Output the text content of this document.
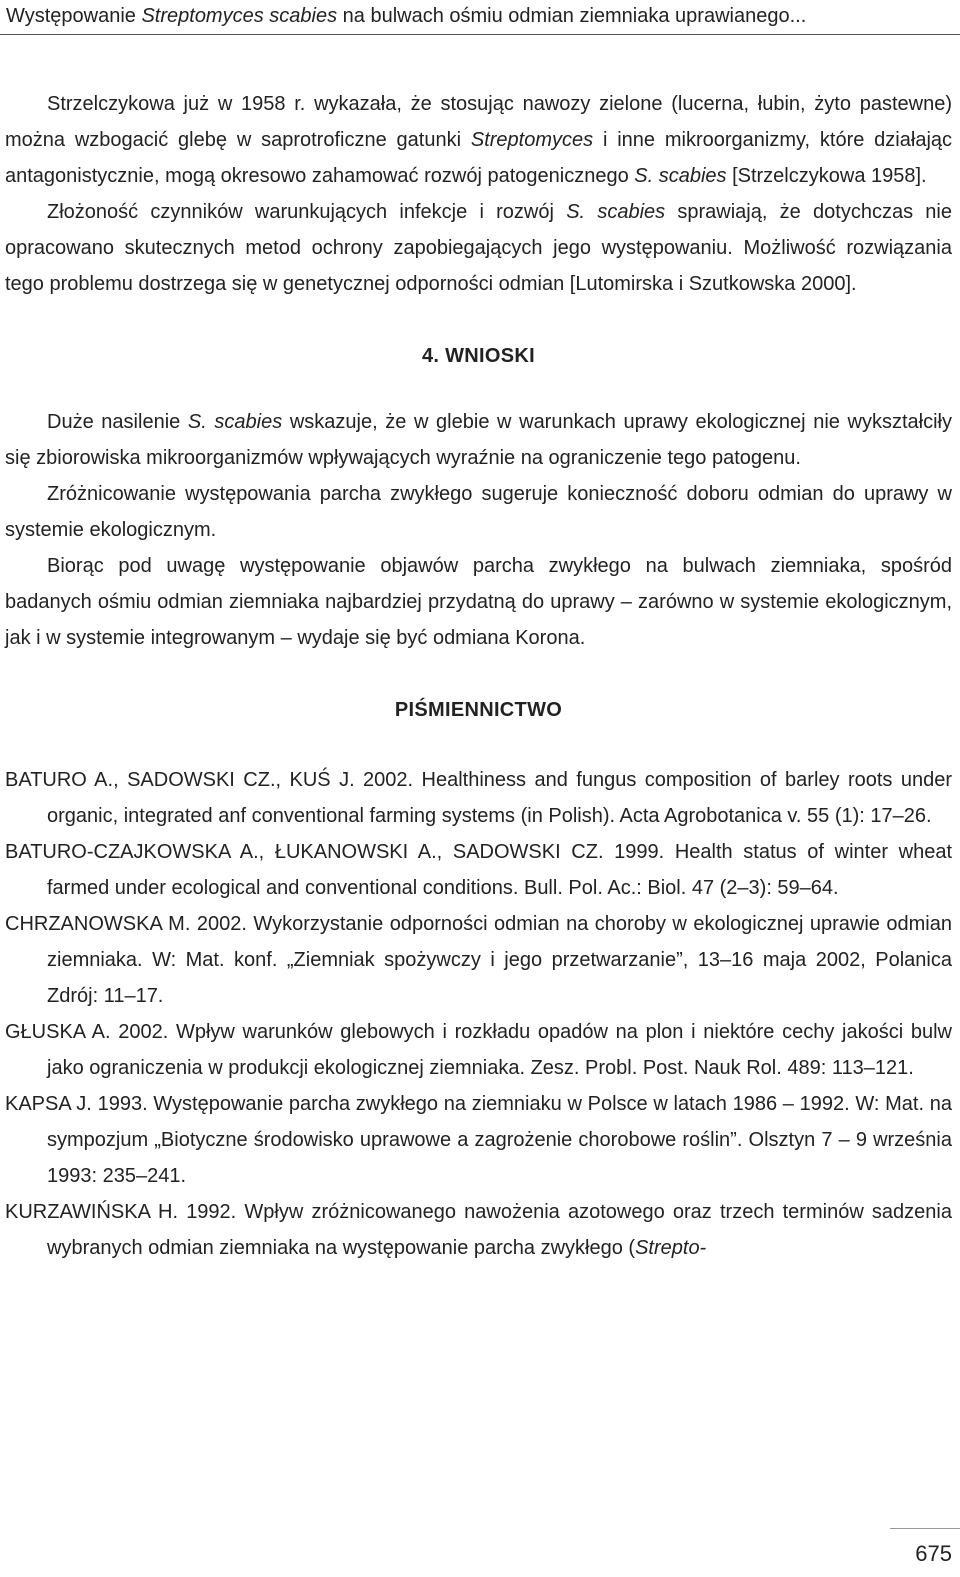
Występowanie Streptomyces scabies na bulwach ośmiu odmian ziemniaka uprawianego...

Strzelczykowa już w 1958 r. wykazała, że stosując nawozy zielone (lucerna, łubin, żyto pastewne) można wzbogacić glebę w saprotroficzne gatunki Streptomyces i inne mikroorganizmy, które działając antagonistycznie, mogą okresowo zahamować rozwój patogenicznego S. scabies [Strzelczykowa 1958].

Złożoność czynników warunkujących infekcje i rozwój S. scabies sprawiają, że dotychczas nie opracowano skutecznych metod ochrony zapobiegających jego występowaniu. Możliwość rozwiązania tego problemu dostrzega się w genetycznej odporności odmian [Lutomirska i Szutkowska 2000].

4. WNIOSKI

Duże nasilenie S. scabies wskazuje, że w glebie w warunkach uprawy ekologicznej nie wykształciły się zbiorowiska mikroorganizmów wpływających wyraźnie na ograniczenie tego patogenu.

Zróżnicowanie występowania parcha zwykłego sugeruje konieczność doboru odmian do uprawy w systemie ekologicznym.

Biorąc pod uwagę występowanie objawów parcha zwykłego na bulwach ziemniaka, spośród badanych ośmiu odmian ziemniaka najbardziej przydatną do uprawy – zarówno w systemie ekologicznym, jak i w systemie integrowanym – wydaje się być odmiana Korona.

PIŚMIENNICTWO
BATURO A., SADOWSKI CZ., KUŚ J. 2002. Healthiness and fungus composition of barley roots under organic, integrated anf conventional farming systems (in Polish). Acta Agrobotanica v. 55 (1): 17–26.
BATURO-CZAJKOWSKA A., ŁUKANOWSKI A., SADOWSKI CZ. 1999. Health status of winter wheat farmed under ecological and conventional conditions. Bull. Pol. Ac.: Biol. 47 (2–3): 59–64.
CHRZANOWSKA M. 2002. Wykorzystanie odporności odmian na choroby w ekologicznej uprawie odmian ziemniaka. W: Mat. konf. „Ziemniak spożywczy i jego przetwarzanie”, 13–16 maja 2002, Polanica Zdrój: 11–17.
GŁUSKA A. 2002. Wpływ warunków glebowych i rozkładu opadów na plon i niektóre cechy jakości bulw jako ograniczenia w produkcji ekologicznej ziemniaka. Zesz. Probl. Post. Nauk Rol. 489: 113–121.
KAPSA J. 1993. Występowanie parcha zwykłego na ziemniaku w Polsce w latach 1986 – 1992. W: Mat. na sympozjum „Biotyczne środowisko uprawowe a zagrożenie chorobowe roślin”. Olsztyn 7 – 9 września 1993: 235–241.
KURZAWIŃSKA H. 1992. Wpływ zróżnicowanego nawożenia azotowego oraz trzech terminów sadzenia wybranych odmian ziemniaka na występowanie parcha zwykłego (Strepto-
675
